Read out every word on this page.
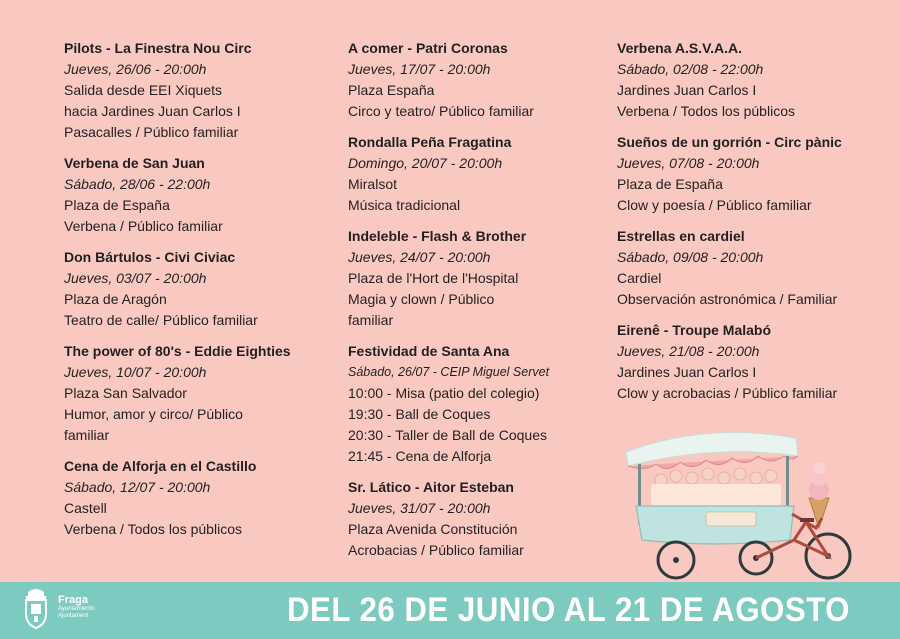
Pilots - La Finestra Nou Circ
Jueves, 26/06 - 20:00h
Salida desde EEI Xiquets
hacia Jardines Juan Carlos I
Pasacalles / Público familiar
Verbena de San Juan
Sábado, 28/06 - 22:00h
Plaza de España
Verbena / Público familiar
Don Bártulos - Civi Civiac
Jueves, 03/07 - 20:00h
Plaza de Aragón
Teatro de calle/ Público familiar
The power of 80's - Eddie Eighties
Jueves, 10/07 - 20:00h
Plaza San Salvador
Humor, amor y circo/ Público familiar
Cena de Alforja en el Castillo
Sábado, 12/07 - 20:00h
Castell
Verbena / Todos los públicos
A comer - Patri Coronas
Jueves, 17/07 - 20:00h
Plaza España
Circo y teatro/ Público familiar
Rondalla Peña Fragatina
Domingo, 20/07 - 20:00h
Miralsot
Música tradicional
Indeleble - Flash & Brother
Jueves, 24/07 - 20:00h
Plaza de l'Hort de l'Hospital
Magia y clown / Público familiar
Festividad de Santa Ana
Sábado, 26/07 - CEIP Miguel Servet
10:00 - Misa (patio del colegio)
19:30 - Ball de Coques
20:30 - Taller de Ball de Coques
21:45 - Cena de Alforja
Sr. Lático - Aitor Esteban
Jueves, 31/07 - 20:00h
Plaza Avenida Constitución
Acrobacias / Público familiar
Verbena A.S.V.A.A.
Sábado, 02/08 - 22:00h
Jardines Juan Carlos I
Verbena / Todos los públicos
Sueños de un gorrión - Circ pànic
Jueves, 07/08 - 20:00h
Plaza de España
Clow y poesía / Público familiar
Estrellas en cardiel
Sábado, 09/08 - 20:00h
Cardiel
Observación astronómica / Familiar
Eirenê - Troupe Malabó
Jueves, 21/08 - 20:00h
Jardines Juan Carlos I
Clow y acrobacias / Público familiar
Fraga
Ayuntamiento
Ajuntament	DEL 26 DE JUNIO AL 21 DE AGOSTO
